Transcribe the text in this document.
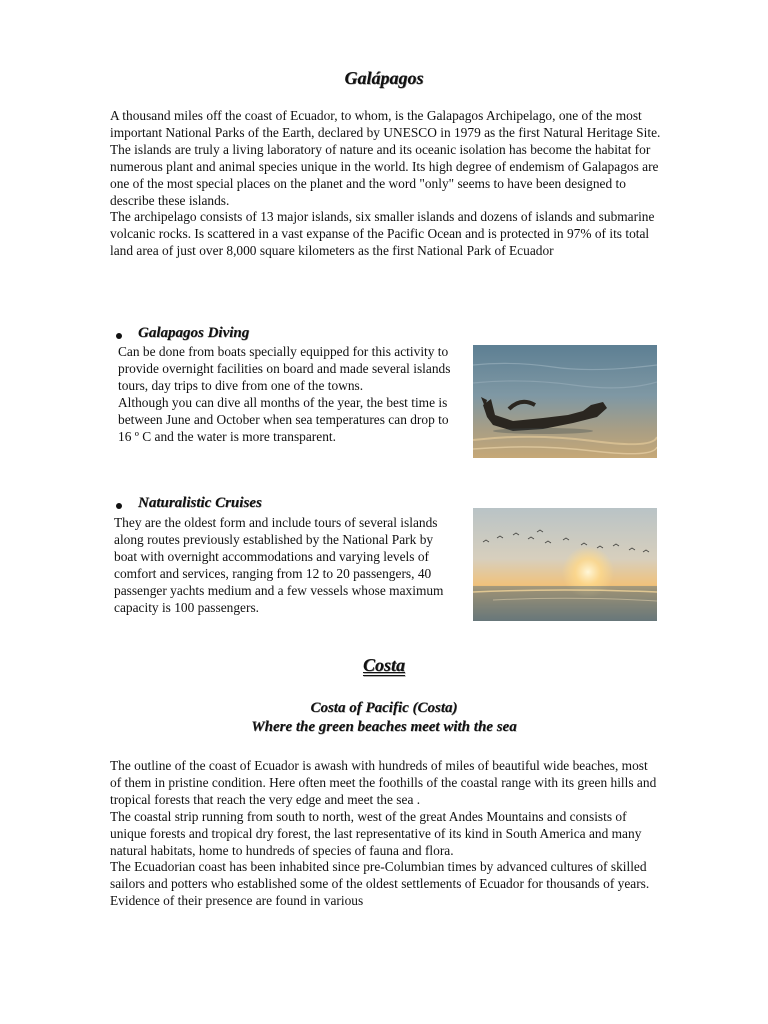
Galápagos

A thousand miles off the coast of Ecuador, to whom, is the Galapagos Archipelago, one of the most important National Parks of the Earth, declared by UNESCO in 1979 as the first Natural Heritage Site.

The islands are truly a living laboratory of nature and its oceanic isolation has become the habitat for numerous plant and animal species unique in the world. Its high degree of endemism of Galapagos are one of the most special places on the planet and the word "only" seems to have been designed to describe these islands.

The archipelago consists of 13 major islands, six smaller islands and dozens of islands and submarine volcanic rocks. Is scattered in a vast expanse of the Pacific Ocean and is protected in 97% of its total land area of just over 8,000 square kilometers as the first National Park of Ecuador

Galapagos Diving

Can be done from boats specially equipped for this activity to provide overnight facilities on board and made several islands tours, day trips to dive from one of the towns.

Although you can dive all months of the year, the best time is between June and October when sea temperatures can drop to 16 º C and the water is more transparent.

Naturalistic Cruises

They are the oldest form and include tours of several islands along routes previously established by the National Park by boat with overnight accommodations and varying levels of comfort and services, ranging from 12 to 20 passengers, 40 passenger yachts medium and a few vessels whose maximum capacity is 100 passengers.

Costa
Costa of Pacific (Costa)
Where the green beaches meet with the sea

The outline of the coast of Ecuador is awash with hundreds of miles of beautiful wide beaches, most of them in pristine condition. Here often meet the foothills of the coastal range with its green hills and tropical forests that reach the very edge and meet the sea .

The coastal strip running from south to north, west of the great Andes Mountains and consists of unique forests and tropical dry forest, the last representative of its kind in South America and many natural habitats, home to hundreds of species of fauna and flora.

The Ecuadorian coast has been inhabited since pre-Columbian times by advanced cultures of skilled sailors and potters who established some of the oldest settlements of Ecuador for thousands of years. Evidence of their presence are found in various
